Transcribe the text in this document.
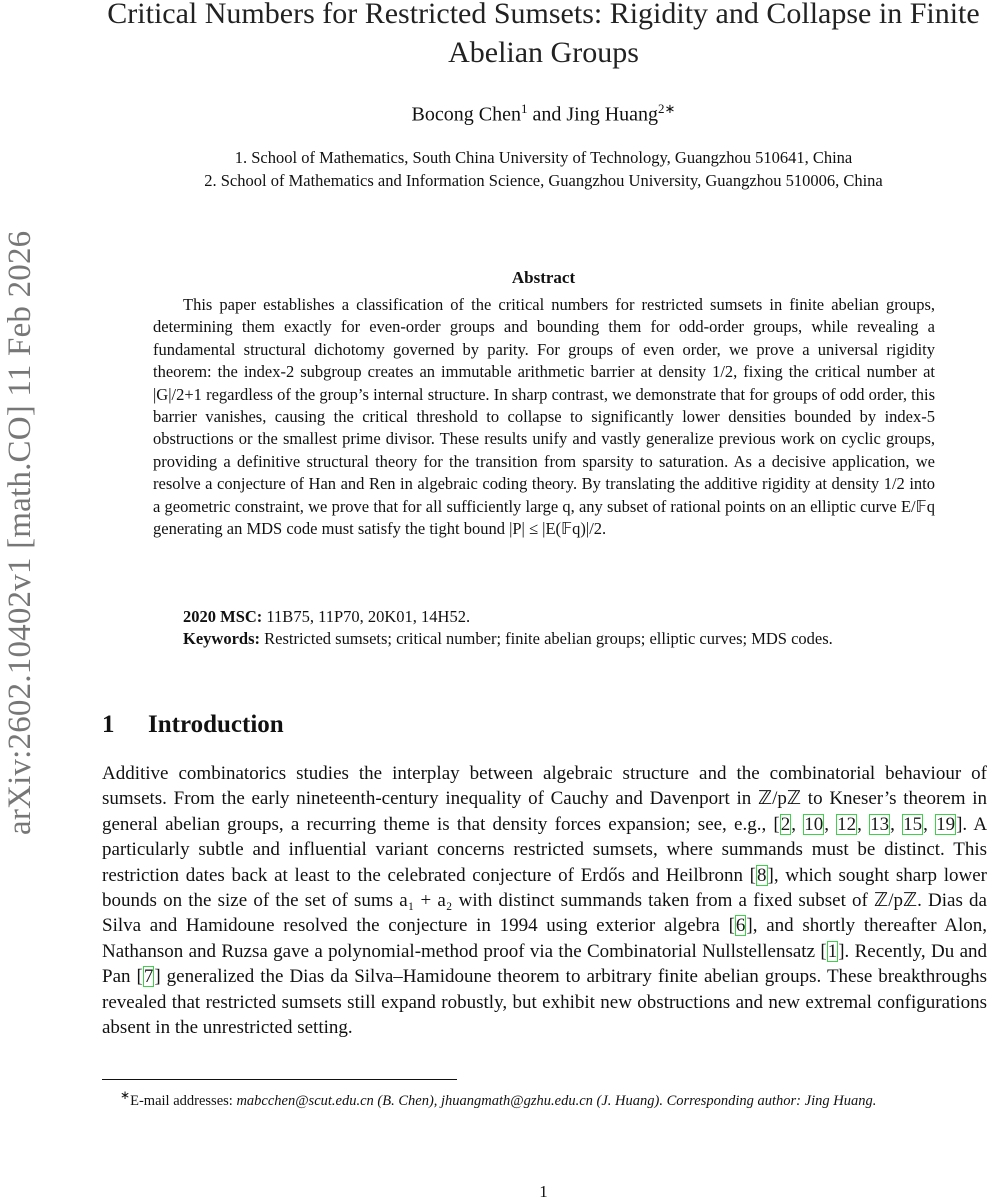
arXiv:2602.10402v1 [math.CO] 11 Feb 2026
Critical Numbers for Restricted Sumsets: Rigidity and Collapse in Finite Abelian Groups
Bocong Chen$^1$ and Jing Huang$^{2∗}$
1. School of Mathematics, South China University of Technology, Guangzhou 510641, China
2. School of Mathematics and Information Science, Guangzhou University, Guangzhou 510006, China
Abstract
This paper establishes a classification of the critical numbers for restricted sumsets in finite abelian groups, determining them exactly for even-order groups and bounding them for odd-order groups, while revealing a fundamental structural dichotomy governed by parity. For groups of even order, we prove a universal rigidity theorem: the index-2 subgroup creates an immutable arithmetic barrier at density 1/2, fixing the critical number at |G|/2+1 regardless of the group’s internal structure. In sharp contrast, we demonstrate that for groups of odd order, this barrier vanishes, causing the critical threshold to collapse to significantly lower densities bounded by index-5 obstructions or the smallest prime divisor. These results unify and vastly generalize previous work on cyclic groups, providing a definitive structural theory for the transition from sparsity to saturation. As a decisive application, we resolve a conjecture of Han and Ren in algebraic coding theory. By translating the additive rigidity at density 1/2 into a geometric constraint, we prove that for all sufficiently large q, any subset of rational points on an elliptic curve E/𝔽q generating an MDS code must satisfy the tight bound |P| ≤ |E(𝔽q)|/2.

2020 MSC: 11B75, 11P70, 20K01, 14H52.

Keywords: Restricted sumsets; critical number; finite abelian groups; elliptic curves; MDS codes.

1 Introduction
Additive combinatorics studies the interplay between algebraic structure and the combinatorial behaviour of sumsets. From the early nineteenth-century inequality of Cauchy and Davenport in ℤ/pℤ to Kneser’s theorem in general abelian groups, a recurring theme is that density forces expansion; see, e.g., [2, 10, 12, 13, 15, 19]. A particularly subtle and influential variant concerns restricted sumsets, where summands must be distinct. This restriction dates back at least to the celebrated conjecture of Erdős and Heilbronn [8], which sought sharp lower bounds on the size of the set of sums a₁ + a₂ with distinct summands taken from a fixed subset of ℤ/pℤ. Dias da Silva and Hamidoune resolved the conjecture in 1994 using exterior algebra [6], and shortly thereafter Alon, Nathanson and Ruzsa gave a polynomial-method proof via the Combinatorial Nullstellensatz [1]. Recently, Du and Pan [7] generalized the Dias da Silva–Hamidoune theorem to arbitrary finite abelian groups. These breakthroughs revealed that restricted sumsets still expand robustly, but exhibit new obstructions and new extremal configurations absent in the unrestricted setting.
∗E-mail addresses: mabcchen@scut.edu.cn (B. Chen), jhuangmath@gzhu.edu.cn (J. Huang). Corresponding author: Jing Huang.
1
